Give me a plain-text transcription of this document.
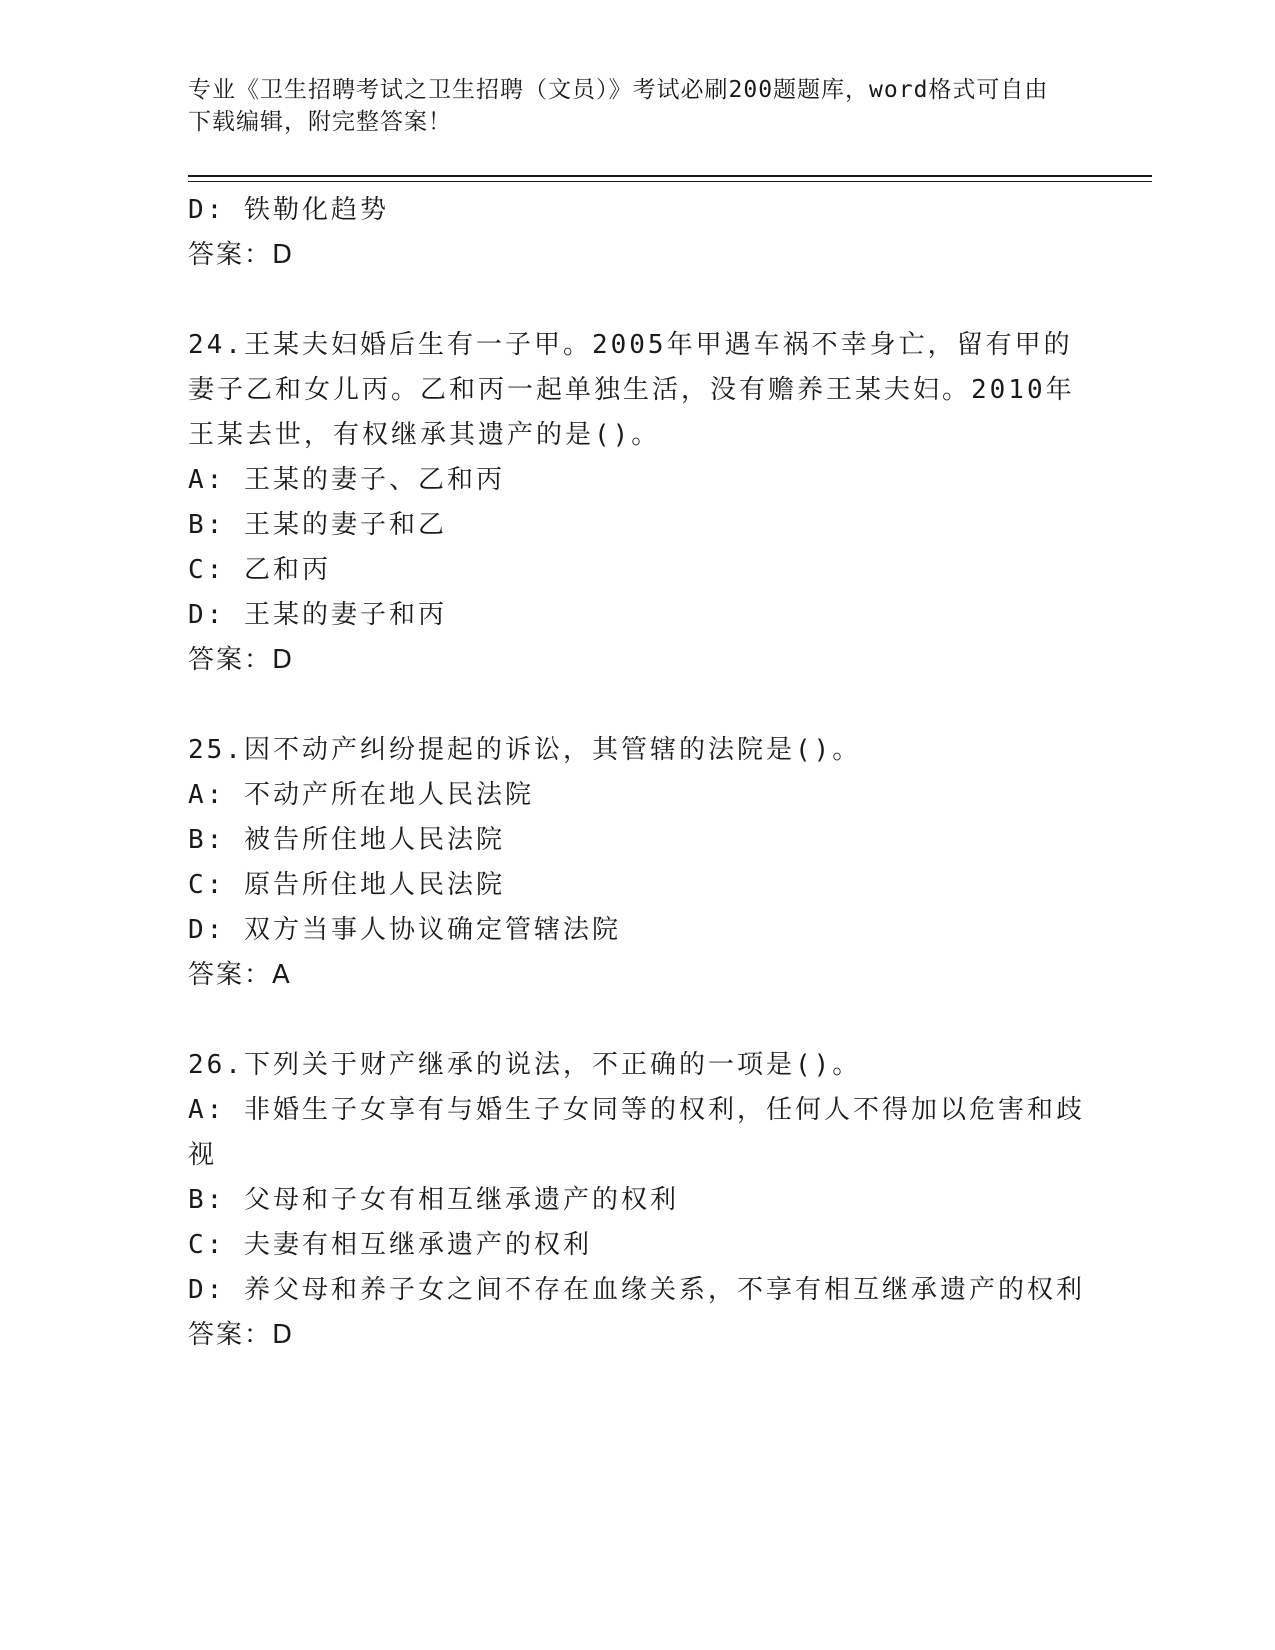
专业《卫生招聘考试之卫生招聘（文员）》考试必刷200题题库，word格式可自由下载编辑，附完整答案！
D: 铁勒化趋势
答案：D
24.王某夫妇婚后生有一子甲。2005年甲遇车祸不幸身亡，留有甲的妻子乙和女儿丙。乙和丙一起单独生活，没有赡养王某夫妇。2010年王某去世，有权继承其遗产的是()。
A: 王某的妻子、乙和丙
B: 王某的妻子和乙
C: 乙和丙
D: 王某的妻子和丙
答案：D
25.因不动产纠纷提起的诉讼，其管辖的法院是()。
A: 不动产所在地人民法院
B: 被告所住地人民法院
C: 原告所住地人民法院
D: 双方当事人协议确定管辖法院
答案：A
26.下列关于财产继承的说法，不正确的一项是()。
A: 非婚生子女享有与婚生子女同等的权利，任何人不得加以危害和歧视
B: 父母和子女有相互继承遗产的权利
C: 夫妻有相互继承遗产的权利
D: 养父母和养子女之间不存在血缘关系，不享有相互继承遗产的权利
答案：D
